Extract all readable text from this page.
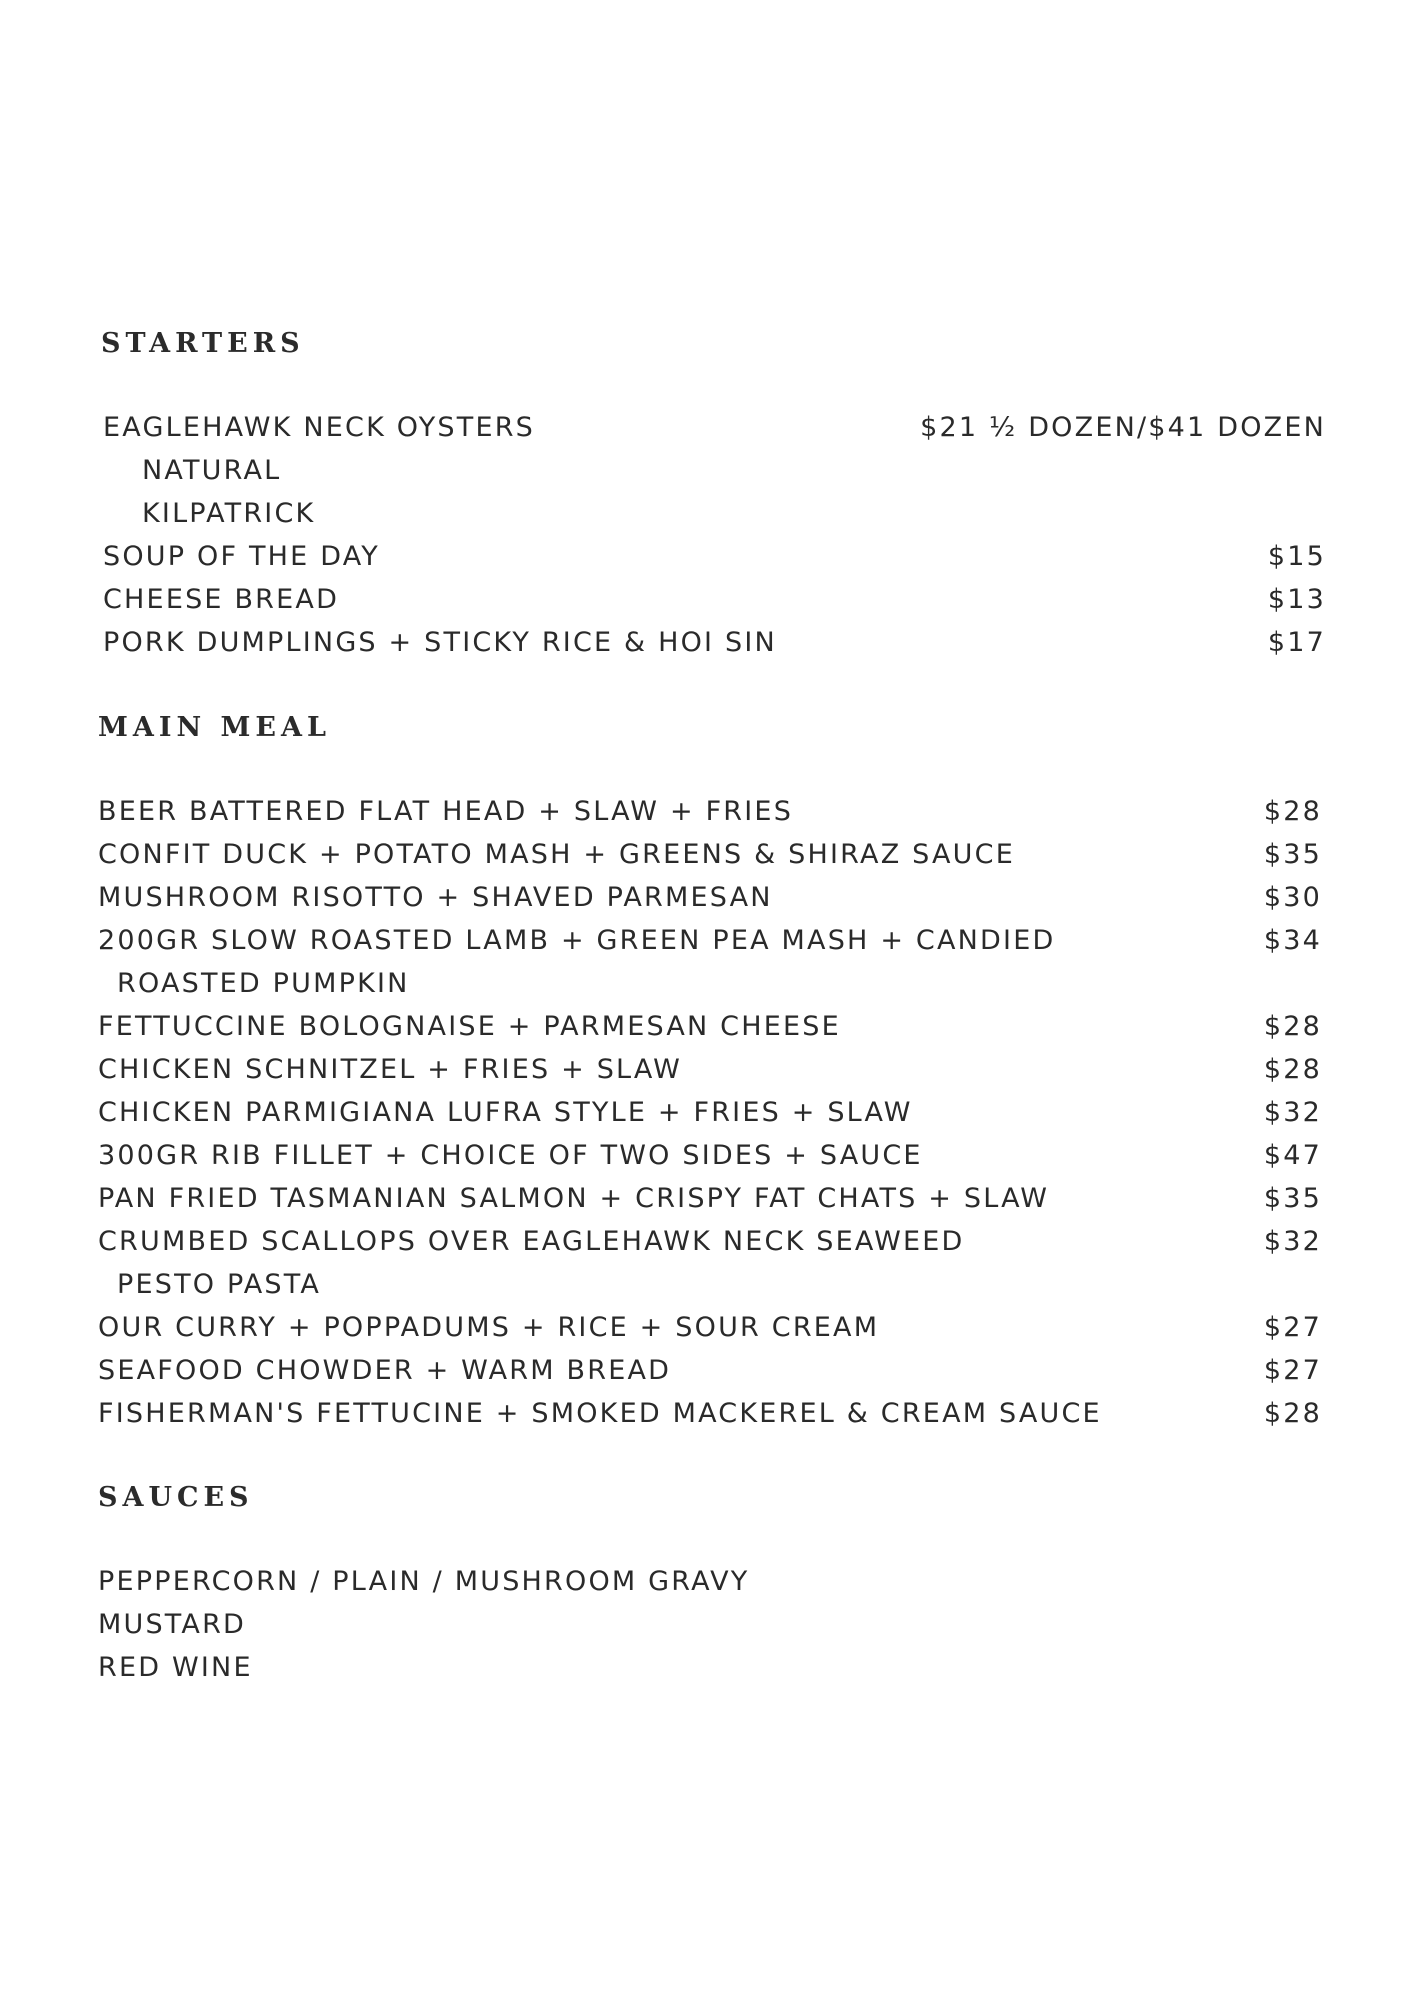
STARTERS
EAGLEHAWK NECK OYSTERS	$21 ½ DOZEN/$41 DOZEN
NATURAL
KILPATRICK
SOUP OF THE DAY	$15
CHEESE BREAD	$13
PORK DUMPLINGS + STICKY RICE & HOI SIN	$17
MAIN MEAL
BEER BATTERED FLAT HEAD + SLAW + FRIES	$28
CONFIT DUCK + POTATO MASH + GREENS & SHIRAZ SAUCE	$35
MUSHROOM RISOTTO + SHAVED PARMESAN	$30
200GR SLOW ROASTED LAMB + GREEN PEA MASH + CANDIED	$34
ROASTED PUMPKIN
FETTUCCINE BOLOGNAISE + PARMESAN CHEESE	$28
CHICKEN SCHNITZEL + FRIES + SLAW	$28
CHICKEN PARMIGIANA LUFRA STYLE + FRIES + SLAW	$32
300GR RIB FILLET + CHOICE OF TWO SIDES + SAUCE	$47
PAN FRIED TASMANIAN SALMON + CRISPY FAT CHATS + SLAW	$35
CRUMBED SCALLOPS OVER EAGLEHAWK NECK SEAWEED	$32
PESTO PASTA
OUR CURRY + POPPADUMS + RICE + SOUR CREAM	$27
SEAFOOD CHOWDER + WARM BREAD	$27
FISHERMAN'S FETTUCINE + SMOKED MACKEREL & CREAM SAUCE	$28
SAUCES
PEPPERCORN / PLAIN / MUSHROOM GRAVY
MUSTARD
RED WINE
